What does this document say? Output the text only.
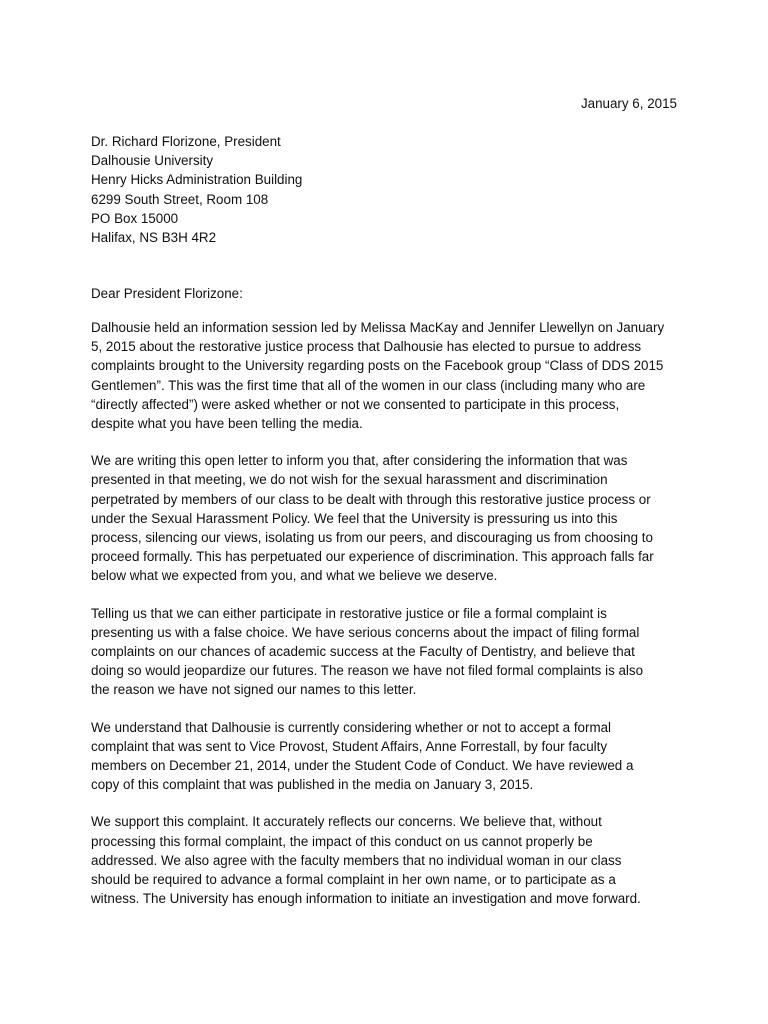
January 6, 2015
Dr. Richard Florizone, President
Dalhousie University
Henry Hicks Administration Building
6299 South Street, Room 108
PO Box 15000
Halifax, NS B3H 4R2
Dear President Florizone:
Dalhousie held an information session led by Melissa MacKay and Jennifer Llewellyn on January
5, 2015 about the restorative justice process that Dalhousie has elected to pursue to address
complaints brought to the University regarding posts on the Facebook group “Class of DDS 2015
Gentlemen”. This was the first time that all of the women in our class (including many who are
“directly affected”) were asked whether or not we consented to participate in this process,
despite what you have been telling the media.
We are writing this open letter to inform you that, after considering the information that was
presented in that meeting, we do not wish for the sexual harassment and discrimination
perpetrated by members of our class to be dealt with through this restorative justice process or
under the Sexual Harassment Policy. We feel that the University is pressuring us into this
process, silencing our views, isolating us from our peers, and discouraging us from choosing to
proceed formally. This has perpetuated our experience of discrimination. This approach falls far
below what we expected from you, and what we believe we deserve.
Telling us that we can either participate in restorative justice or file a formal complaint is
presenting us with a false choice. We have serious concerns about the impact of filing formal
complaints on our chances of academic success at the Faculty of Dentistry, and believe that
doing so would jeopardize our futures. The reason we have not filed formal complaints is also
the reason we have not signed our names to this letter.
We understand that Dalhousie is currently considering whether or not to accept a formal
complaint that was sent to Vice Provost, Student Affairs, Anne Forrestall, by four faculty
members on December 21, 2014, under the Student Code of Conduct. We have reviewed a
copy of this complaint that was published in the media on January 3, 2015.
We support this complaint. It accurately reflects our concerns. We believe that, without
processing this formal complaint, the impact of this conduct on us cannot properly be
addressed. We also agree with the faculty members that no individual woman in our class
should be required to advance a formal complaint in her own name, or to participate as a
witness. The University has enough information to initiate an investigation and move forward.
